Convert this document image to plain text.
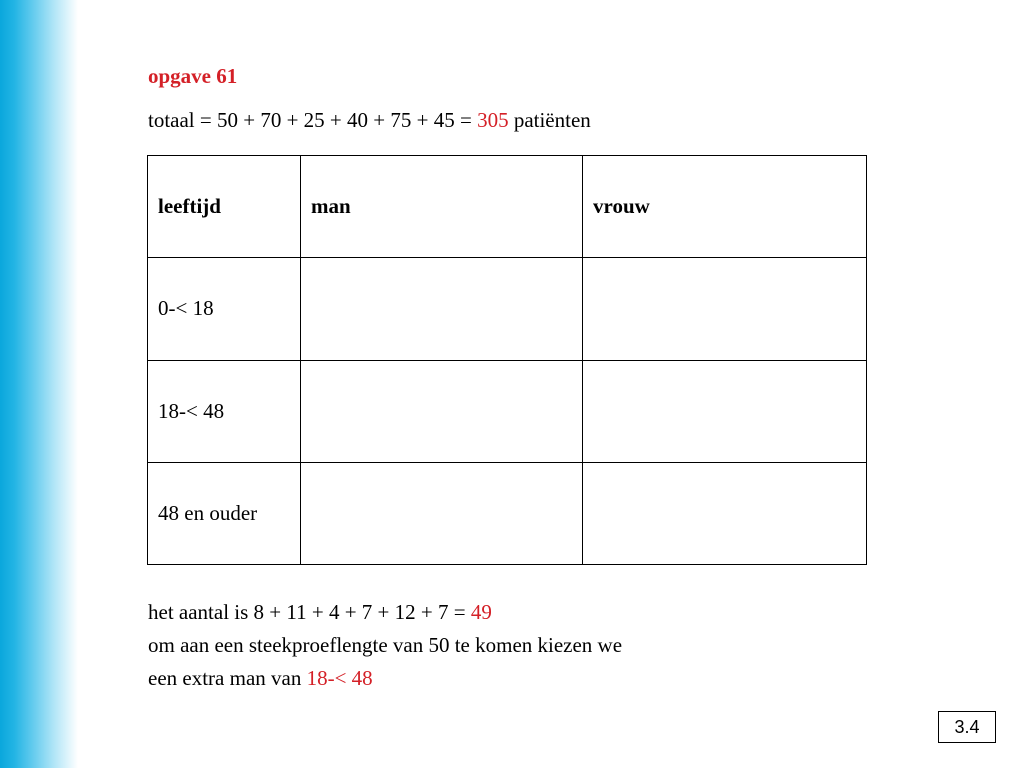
opgave 61
totaal = 50 + 70 + 25 + 40 + 75 + 45 = 305 patiënten
leeftijd	man	vrouw
0-< 18		
18-< 48		
48 en ouder		
het aantal is 8 + 11 + 4 + 7 + 12 + 7 = 49
om aan een steekproeflengte van 50 te komen kiezen we
een extra man van 18-< 48
3.4
